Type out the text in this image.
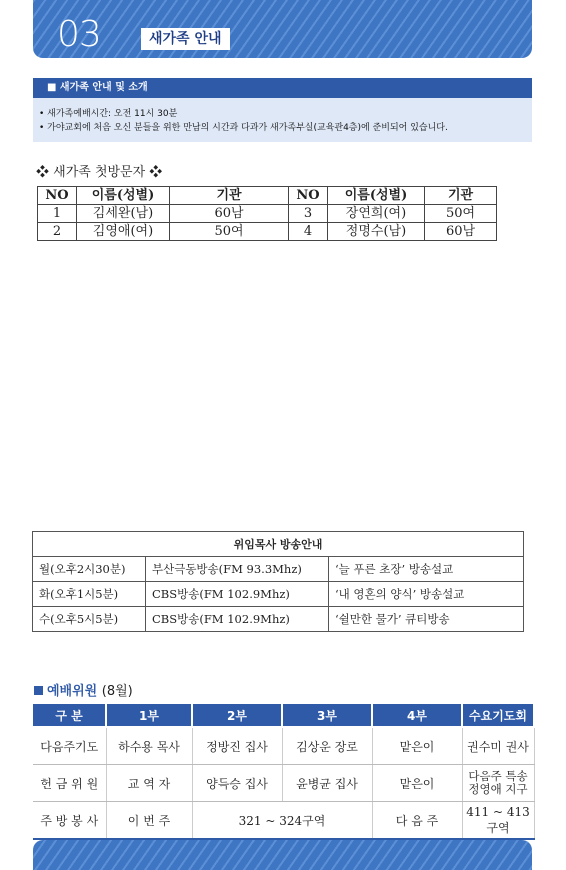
03	새가족 안내
■ 새가족 안내 및 소개
• 새가족예배시간: 오전 11시 30분
• 가야교회에 처음 오신 분들을 위한 만남의 시간과 다과가 새가족부실(교육관4층)에 준비되어 있습니다.
❖ 새가족 첫방문자 ❖
NO	이름(성별)	기관	NO	이름(성별)	기관
1	김세완(남)	60남	3	장연희(여)	50여
2	김영애(여)	50여	4	정명수(남)	60남
위임목사 방송안내		
월(오후2시30분)	부산극동방송(FM 93.3Mhz)	‘늘 푸른 초장’ 방송설교
화(오후1시5분)	CBS방송(FM 102.9Mhz)	‘내 영혼의 양식’ 방송설교
수(오후5시5분)	CBS방송(FM 102.9Mhz)	‘쉴만한 물가’ 큐티방송
예배위원 (8월)
구 분	1부	2부	3부	4부	수요기도회
다음주기도	하수용 목사	정방진 집사	김상운 장로	맡은이	권수미 권사
헌 금 위 원	교 역 자	양득승 집사	윤병균 집사	맡은이	다음주 특송
정영애 지구

주 방 봉 사	이 번 주	321 ~ 324구역		다 음 주	411 ~ 413구역
